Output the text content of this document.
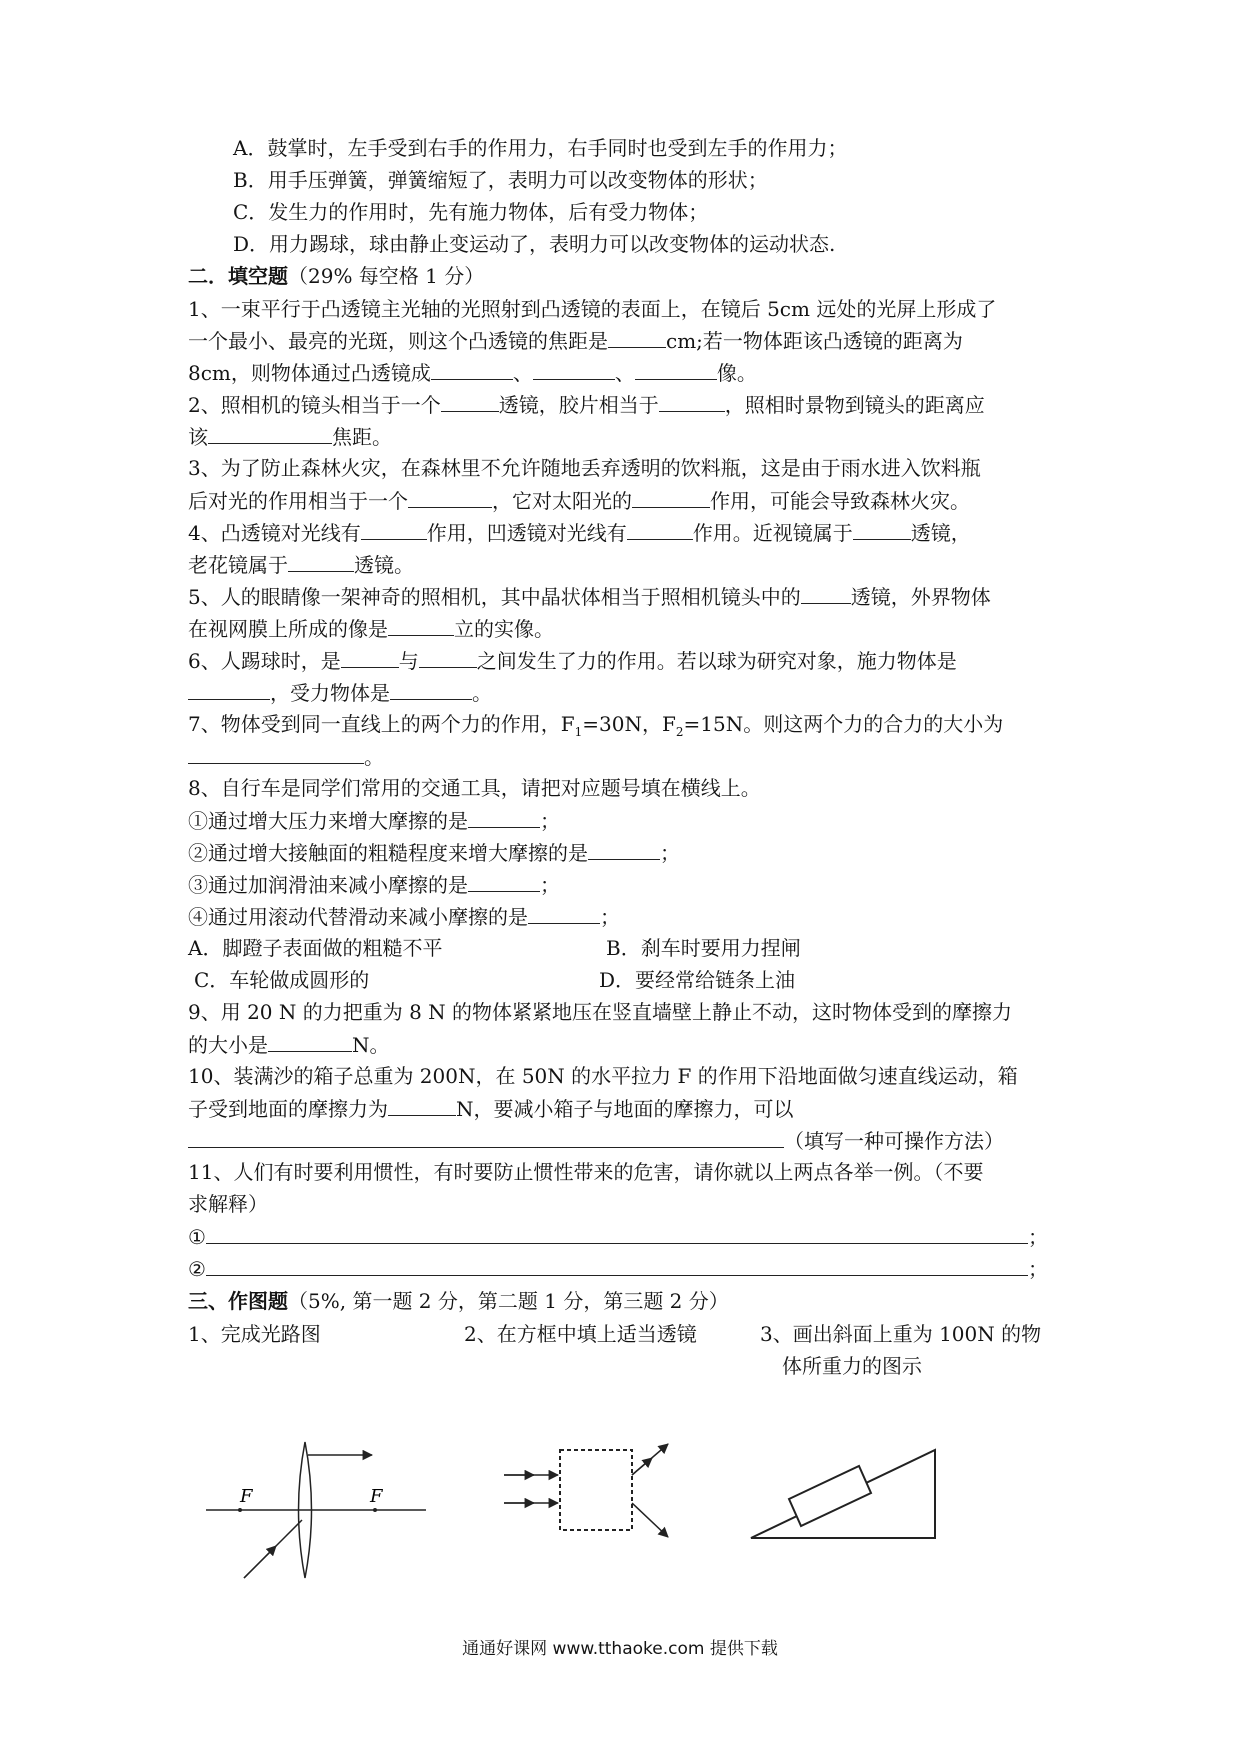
A．鼓掌时，左手受到右手的作用力，右手同时也受到左手的作用力；
B．用手压弹簧，弹簧缩短了，表明力可以改变物体的形状；
C．发生力的作用时，先有施力物体，后有受力物体；
D．用力踢球，球由静止变运动了，表明力可以改变物体的运动状态.
二．填空题（29% 每空格 1 分）
1、一束平行于凸透镜主光轴的光照射到凸透镜的表面上，在镜后 5cm 远处的光屏上形成了
一个最小、最亮的光斑，则这个凸透镜的焦距是	cm;若一物体距该凸透镜的距离为
8cm，则物体通过凸透镜成	、	、	像。
2、照相机的镜头相当于一个	透镜，胶片相当于	，照相时景物到镜头的距离应
该	焦距。
3、为了防止森林火灾，在森林里不允许随地丢弃透明的饮料瓶，这是由于雨水进入饮料瓶
后对光的作用相当于一个	，它对太阳光的	作用，可能会导致森林火灾。
4、凸透镜对光线有	作用，凹透镜对光线有	作用。近视镜属于	透镜，
老花镜属于	透镜。
5、人的眼睛像一架神奇的照相机，其中晶状体相当于照相机镜头中的	透镜，外界物体
在视网膜上所成的像是	立的实像。
6、人踢球时，是	与	之间发生了力的作用。若以球为研究对象，施力物体是
，受力物体是	。
7、物体受到同一直线上的两个力的作用，$F_1=30N$，$F_2=15N$。则这两个力的合力的大小为
。
8、自行车是同学们常用的交通工具，请把对应题号填在横线上。
①通过增大压力来增大摩擦的是	；
②通过增大接触面的粗糙程度来增大摩擦的是	；
③通过加润滑油来减小摩擦的是	；
④通过用滚动代替滑动来减小摩擦的是	；
A．脚蹬子表面做的粗糙不平	B．刹车时要用力捏闸
C．车轮做成圆形的	D．要经常给链条上油
9、用 20 N 的力把重为 8 N 的物体紧紧地压在竖直墙壁上静止不动，这时物体受到的摩擦力
的大小是	N。
10、装满沙的箱子总重为 200N，在 50N 的水平拉力 F 的作用下沿地面做匀速直线运动，箱
子受到地面的摩擦力为	N，要减小箱子与地面的摩擦力，可以
（填写一种可操作方法）
11、人们有时要利用惯性，有时要防止惯性带来的危害，请你就以上两点各举一例。（不要
求解释）
①	；
②	；
三、作图题（5%, 第一题 2 分，第二题 1 分，第三题 2 分）
1、完成光路图	2、在方框中填上适当透镜	3、画出斜面上重为 100N 的物
体所重力的图示
F	F
通通好课网 www.tthaoke.com 提供下载
